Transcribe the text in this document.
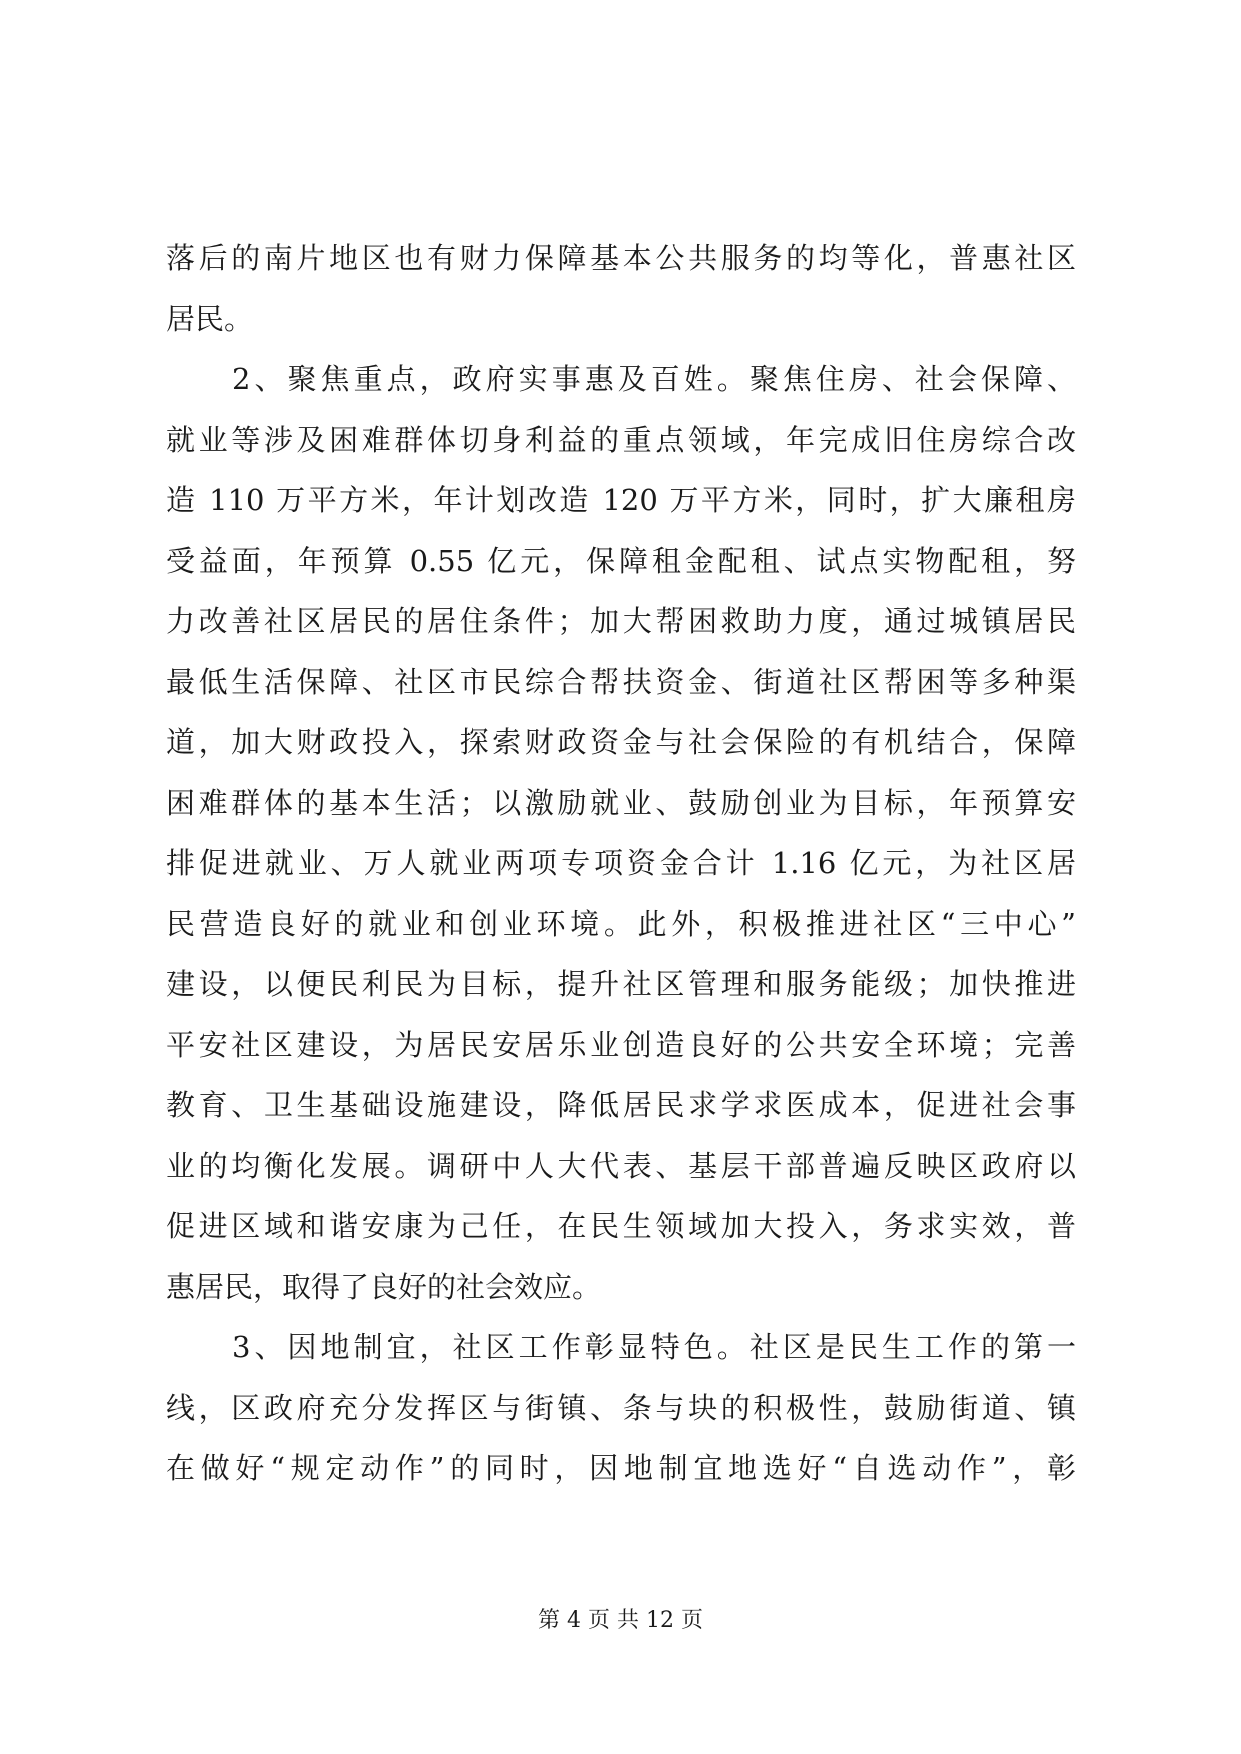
落后的南片地区也有财力保障基本公共服务的均等化，普惠社区
居民。
　　2、聚焦重点，政府实事惠及百姓。聚焦住房、社会保障、
就业等涉及困难群体切身利益的重点领域，年完成旧住房综合改
造 110 万平方米，年计划改造 120 万平方米，同时，扩大廉租房
受益面，年预算 0.55 亿元，保障租金配租、试点实物配租，努
力改善社区居民的居住条件；加大帮困救助力度，通过城镇居民
最低生活保障、社区市民综合帮扶资金、街道社区帮困等多种渠
道，加大财政投入，探索财政资金与社会保险的有机结合，保障
困难群体的基本生活；以激励就业、鼓励创业为目标，年预算安
排促进就业、万人就业两项专项资金合计 1.16 亿元，为社区居
民营造良好的就业和创业环境。此外，积极推进社区“三中心”
建设，以便民利民为目标，提升社区管理和服务能级；加快推进
平安社区建设，为居民安居乐业创造良好的公共安全环境；完善
教育、卫生基础设施建设，降低居民求学求医成本，促进社会事
业的均衡化发展。调研中人大代表、基层干部普遍反映区政府以
促进区域和谐安康为己任，在民生领域加大投入，务求实效，普
惠居民，取得了良好的社会效应。
　　3、因地制宜，社区工作彰显特色。社区是民生工作的第一
线，区政府充分发挥区与街镇、条与块的积极性，鼓励街道、镇
在做好“规定动作”的同时，因地制宜地选好“自选动作”，彰
第 4 页 共 12 页
